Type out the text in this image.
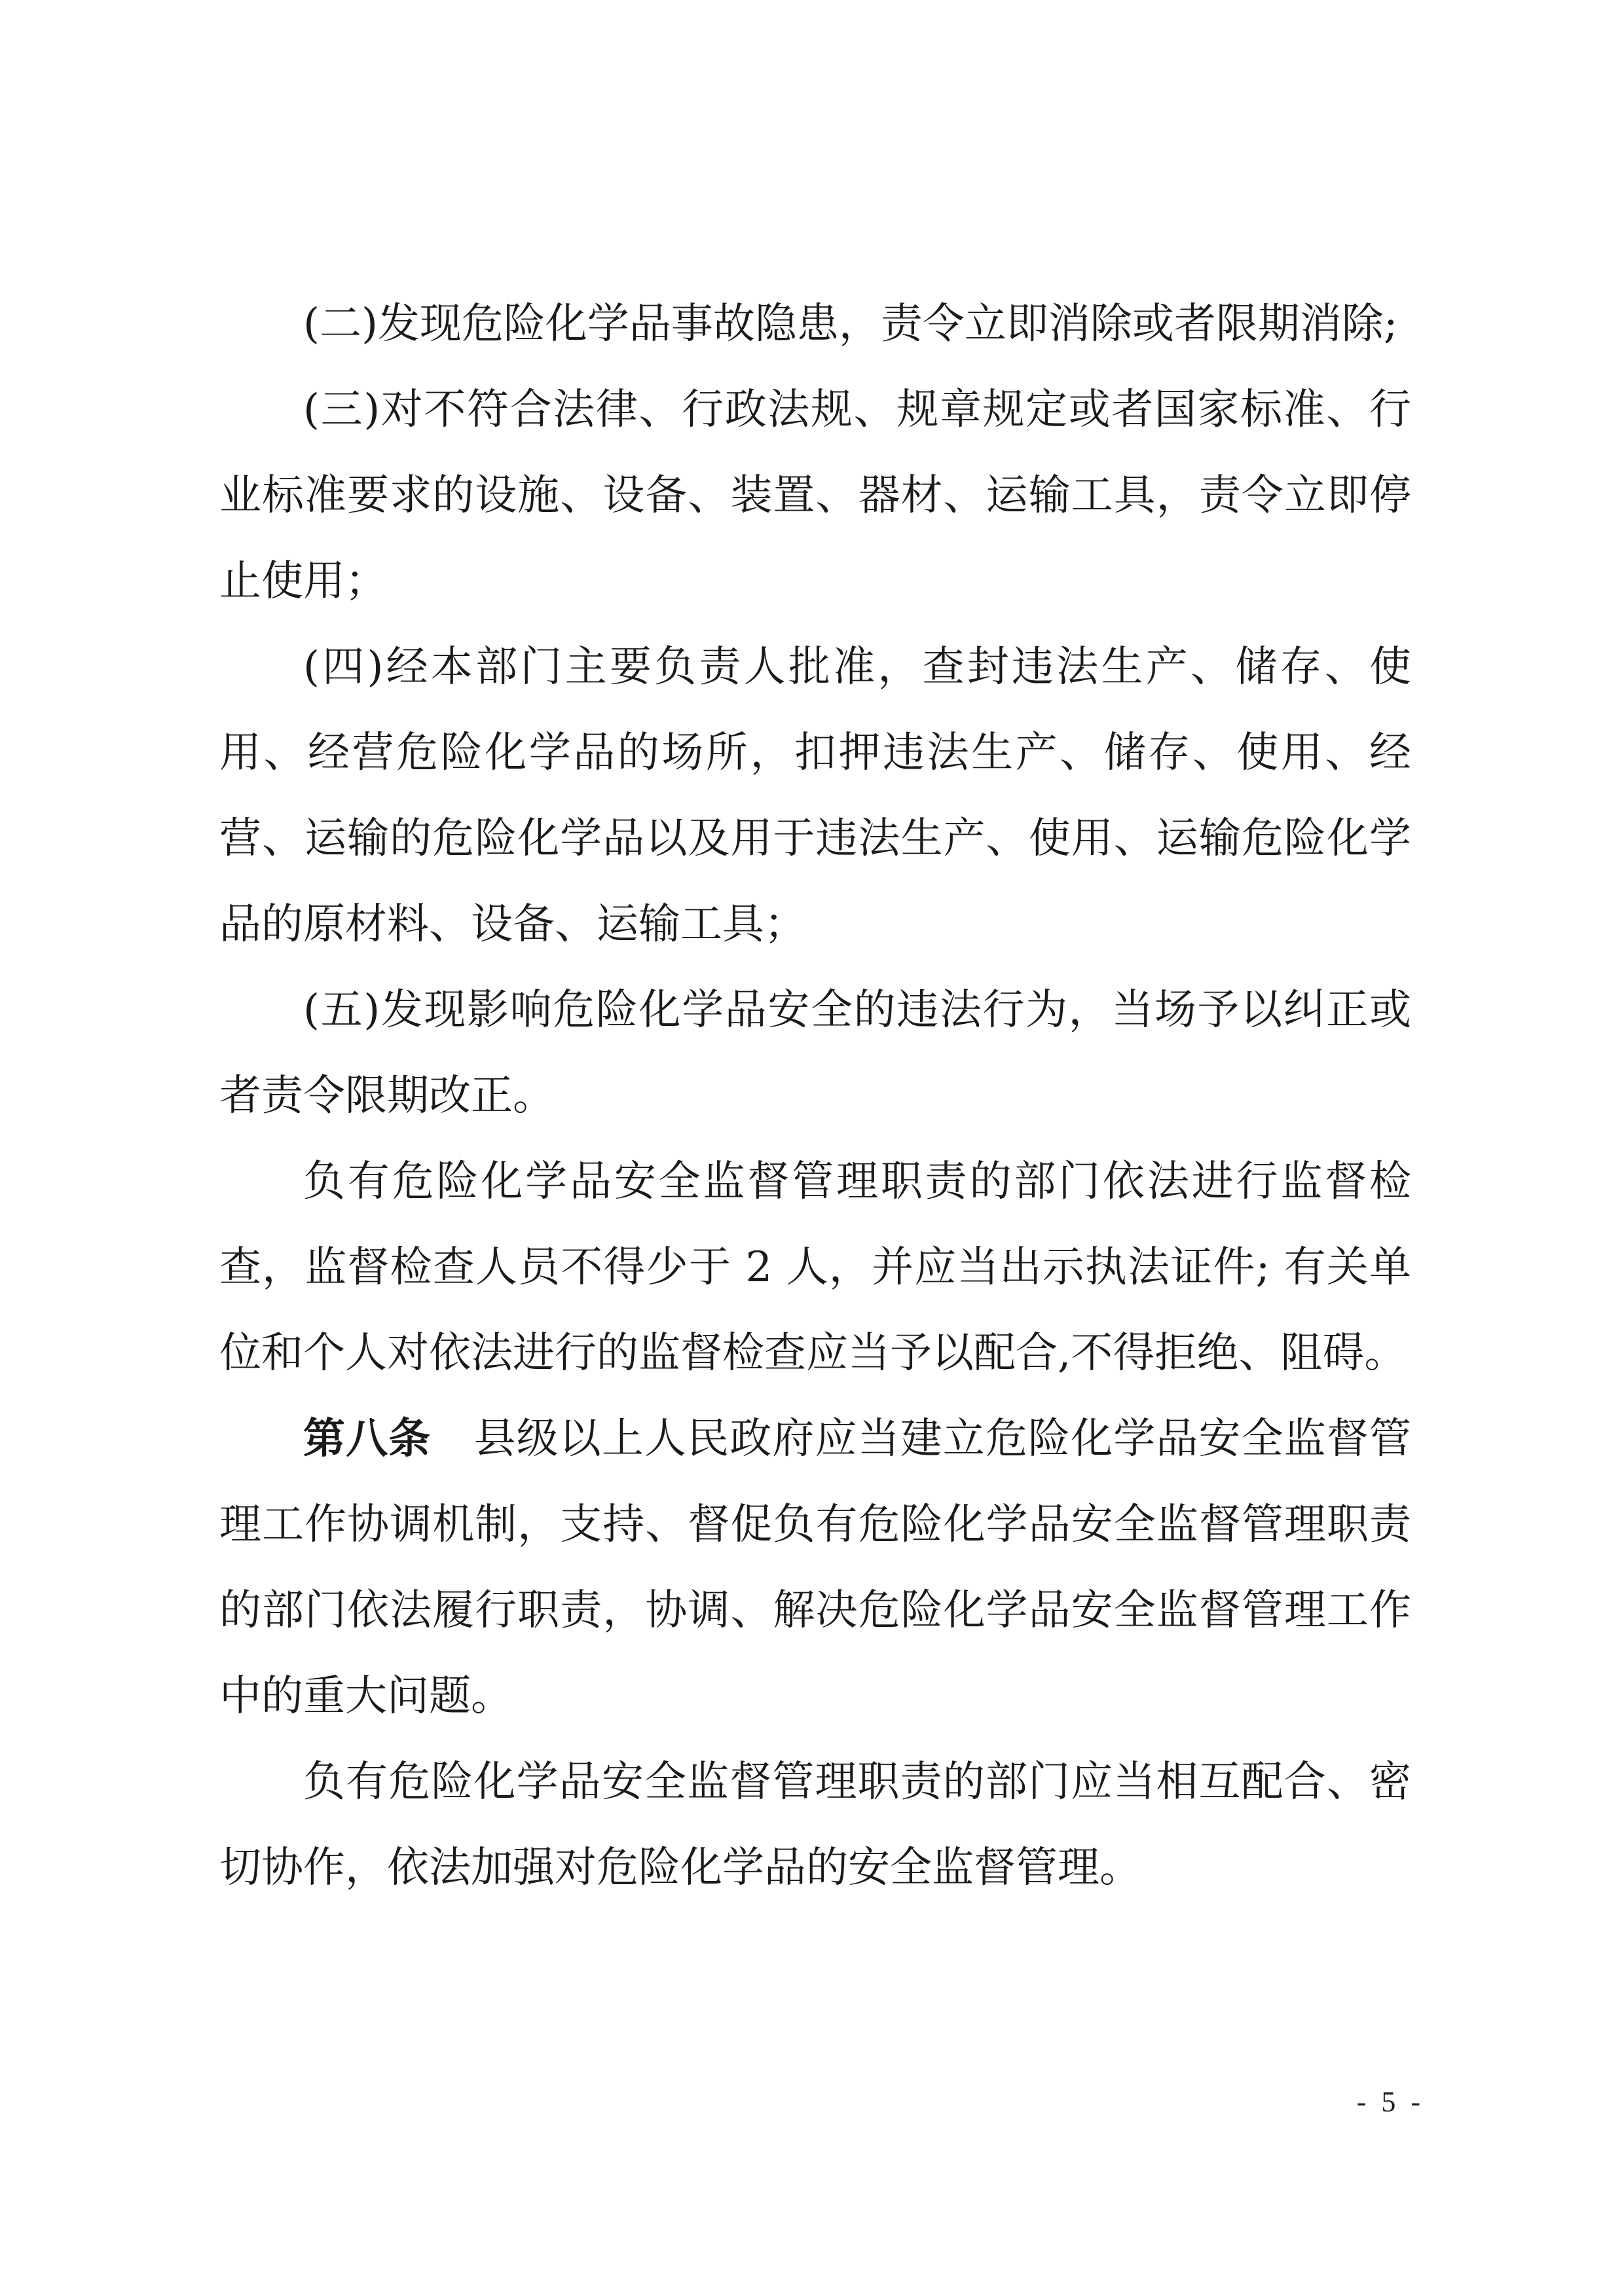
(二)发现危险化学品事故隐患，责令立即消除或者限期消除;

(三)对不符合法律、行政法规、规章规定或者国家标准、行业标准要求的设施、设备、装置、器材、运输工具，责令立即停止使用；

(四)经本部门主要负责人批准，查封违法生产、储存、使用、经营危险化学品的场所，扣押违法生产、储存、使用、经营、运输的危险化学品以及用于违法生产、使用、运输危险化学品的原材料、设备、运输工具；

(五)发现影响危险化学品安全的违法行为，当场予以纠正或者责令限期改正。

负有危险化学品安全监督管理职责的部门依法进行监督检查，监督检查人员不得少于 2 人，并应当出示执法证件; 有关单位和个人对依法进行的监督检查应当予以配合,不得拒绝、阻碍。

第八条 县级以上人民政府应当建立危险化学品安全监督管理工作协调机制，支持、督促负有危险化学品安全监督管理职责的部门依法履行职责，协调、解决危险化学品安全监督管理工作中的重大问题。

负有危险化学品安全监督管理职责的部门应当相互配合、密切协作，依法加强对危险化学品的安全监督管理。

- 5 -
